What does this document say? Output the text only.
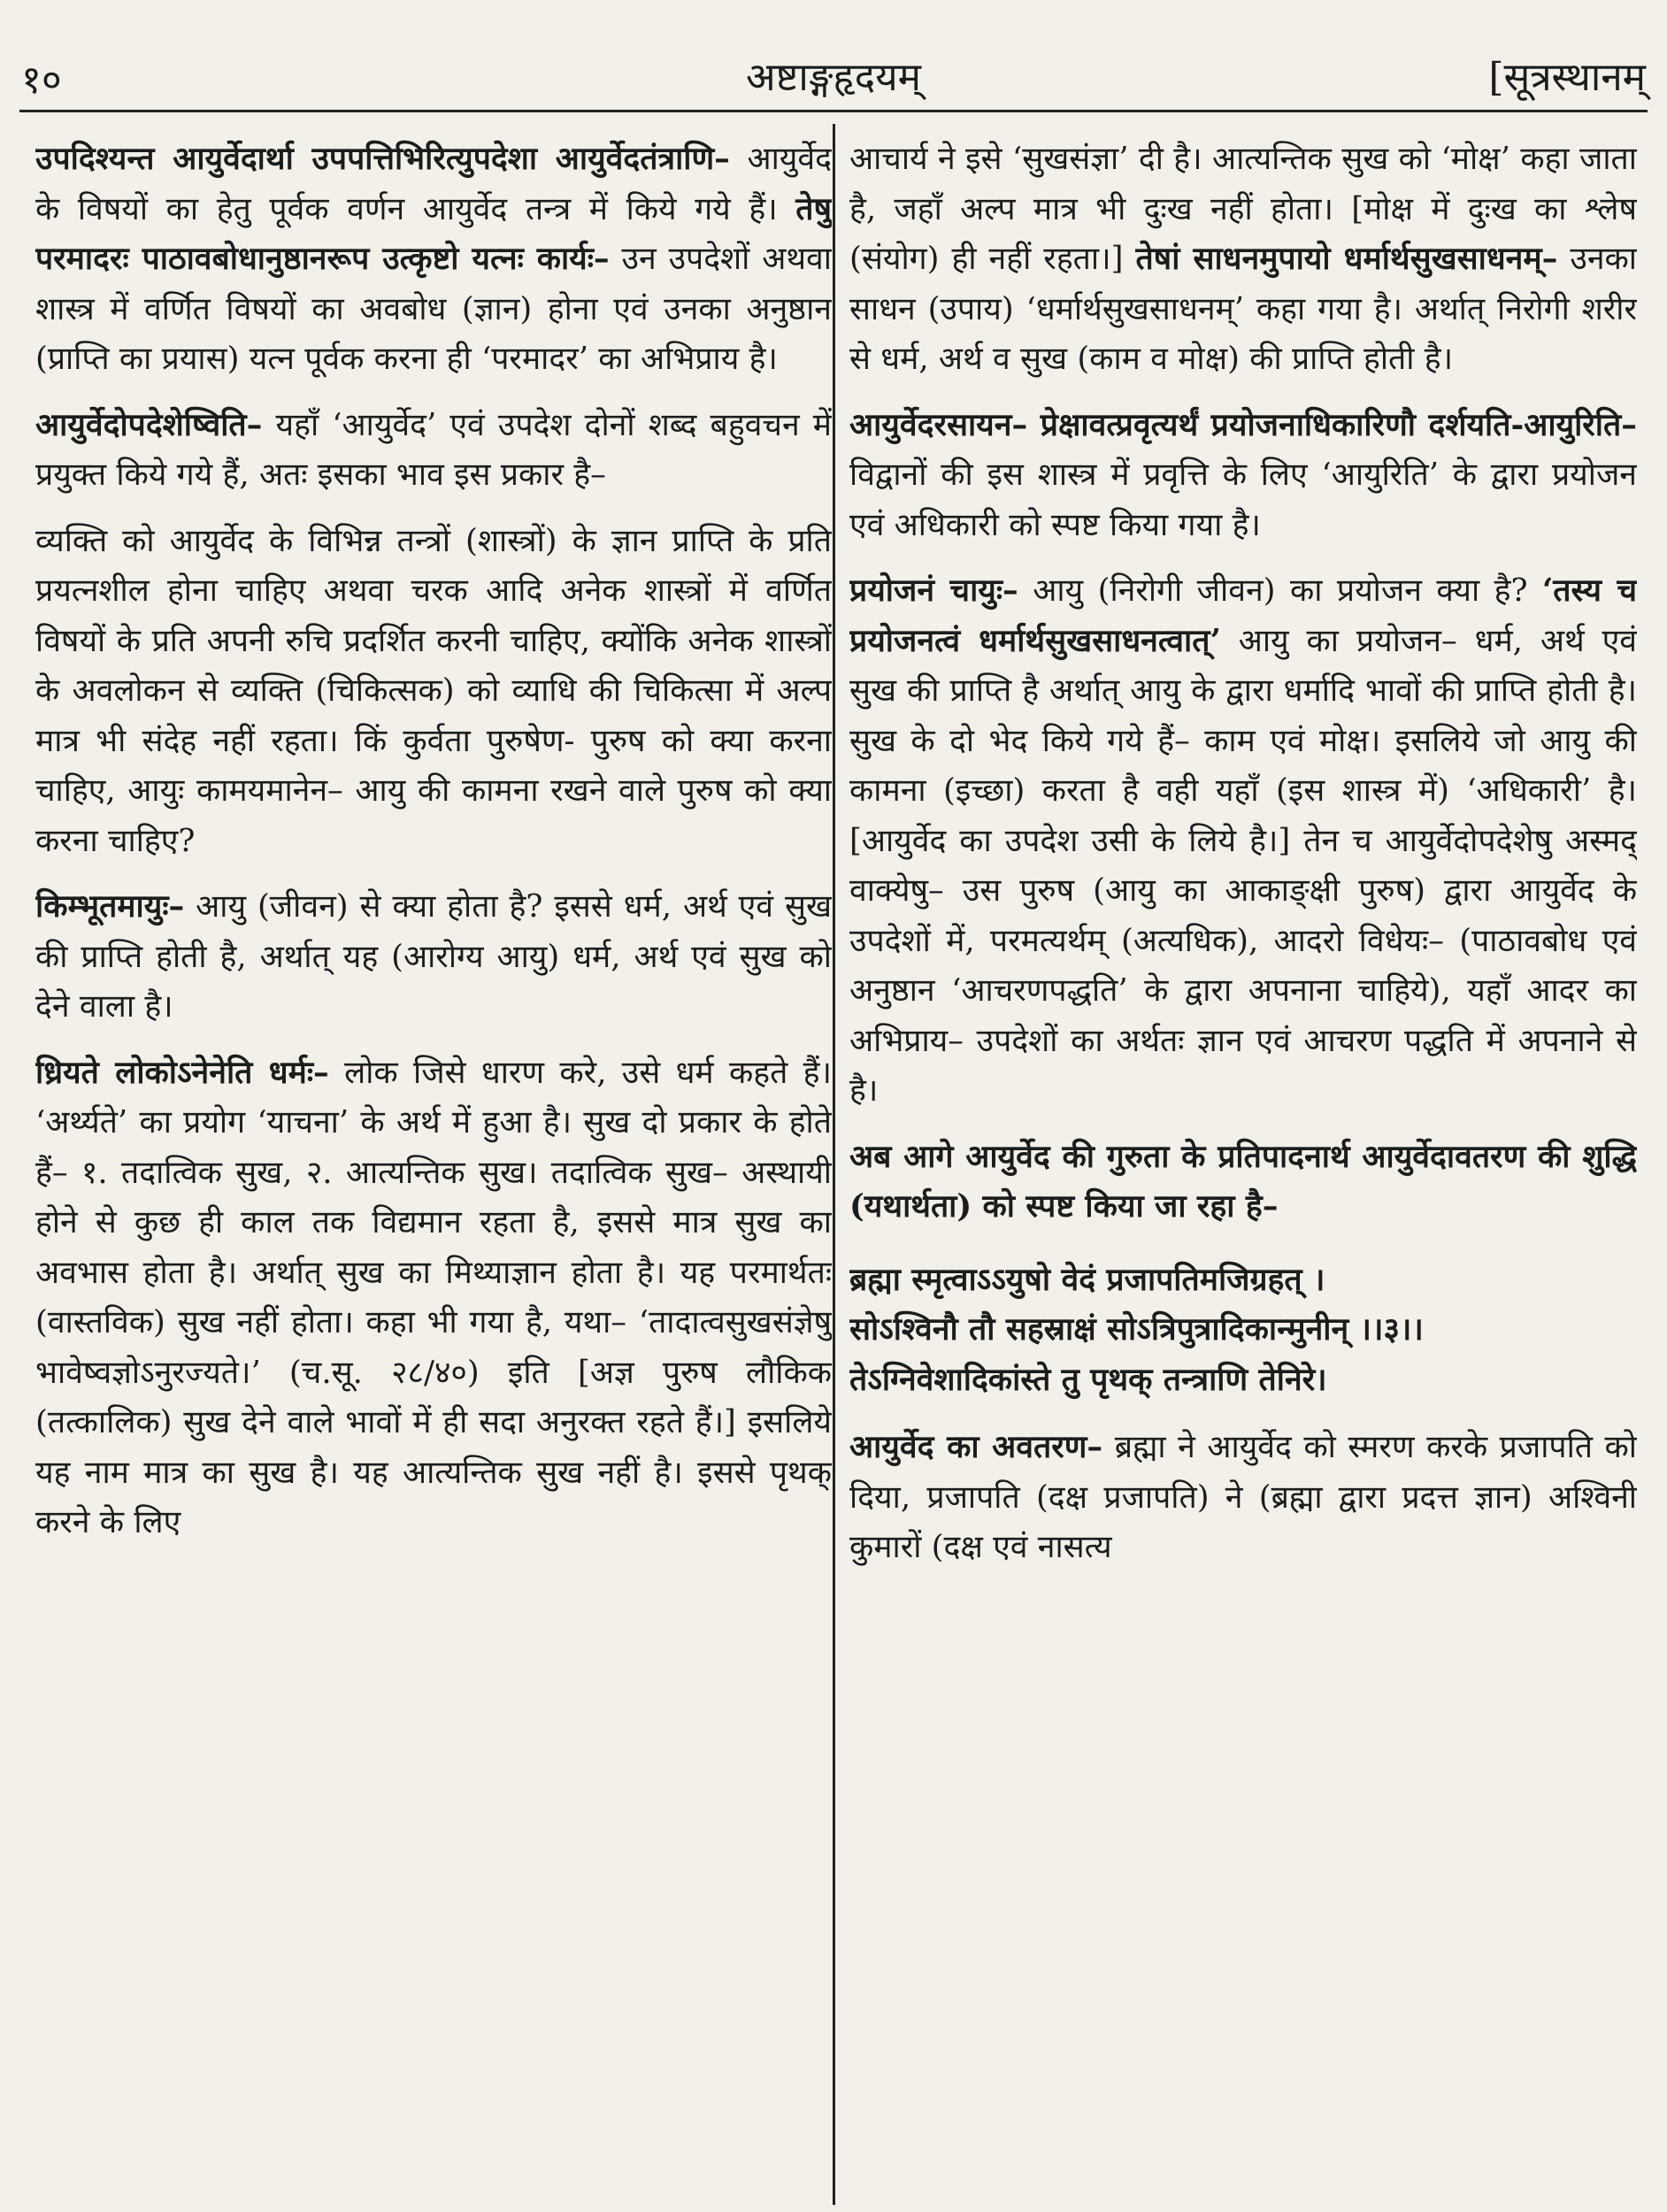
१०	अष्टाङ्गहृदयम्	[सूत्रस्थानम्

उपदिश्यन्त आयुर्वेदार्था उपपत्तिभिरित्युपदेशा आयुर्वेदतंत्राणि– आयुर्वेद के विषयों का हेतु पूर्वक वर्णन आयुर्वेद तन्त्र में किये गये हैं। तेषु परमादरः पाठावबोधानुष्ठानरूप उत्कृष्टो यत्नः कार्यः– उन उपदेशों अथवा शास्त्र में वर्णित विषयों का अवबोध (ज्ञान) होना एवं उनका अनुष्ठान (प्राप्ति का प्रयास) यत्न पूर्वक करना ही ‘परमादर’ का अभिप्राय है।

आयुर्वेदोपदेशेष्विति– यहाँ ‘आयुर्वेद’ एवं उपदेश दोनों शब्द बहुवचन में प्रयुक्त किये गये हैं, अतः इसका भाव इस प्रकार है–

व्यक्ति को आयुर्वेद के विभिन्न तन्त्रों (शास्त्रों) के ज्ञान प्राप्ति के प्रति प्रयत्नशील होना चाहिए अथवा चरक आदि अनेक शास्त्रों में वर्णित विषयों के प्रति अपनी रुचि प्रदर्शित करनी चाहिए, क्योंकि अनेक शास्त्रों के अवलोकन से व्यक्ति (चिकित्सक) को व्याधि की चिकित्सा में अल्प मात्र भी संदेह नहीं रहता। किं कुर्वता पुरुषेण- पुरुष को क्या करना चाहिए, आयुः कामयमानेन– आयु की कामना रखने वाले पुरुष को क्या करना चाहिए?

किम्भूतमायुः– आयु (जीवन) से क्या होता है? इससे धर्म, अर्थ एवं सुख की प्राप्ति होती है, अर्थात् यह (आरोग्य आयु) धर्म, अर्थ एवं सुख को देने वाला है।

ध्रियते लोकोऽनेनेति धर्मः– लोक जिसे धारण करे, उसे धर्म कहते हैं। ‘अर्थ्यते’ का प्रयोग ‘याचना’ के अर्थ में हुआ है। सुख दो प्रकार के होते हैं– १. तदात्विक सुख, २. आत्यन्तिक सुख। तदात्विक सुख– अस्थायी होने से कुछ ही काल तक विद्यमान रहता है, इससे मात्र सुख का अवभास होता है। अर्थात् सुख का मिथ्याज्ञान होता है। यह परमार्थतः (वास्तविक) सुख नहीं होता। कहा भी गया है, यथा– ‘तादात्वसुखसंज्ञेषु भावेष्वज्ञोऽनुरज्यते।’ (च.सू. २८/४०) इति [अज्ञ पुरुष लौकिक (तत्कालिक) सुख देने वाले भावों में ही सदा अनुरक्त रहते हैं।] इसलिये यह नाम मात्र का सुख है। यह आत्यन्तिक सुख नहीं है। इससे पृथक् करने के लिए

आचार्य ने इसे ‘सुखसंज्ञा’ दी है। आत्यन्तिक सुख को ‘मोक्ष’ कहा जाता है, जहाँ अल्प मात्र भी दुःख नहीं होता। [मोक्ष में दुःख का श्लेष (संयोग) ही नहीं रहता।] तेषां साधनमुपायो धर्मार्थसुखसाधनम्– उनका साधन (उपाय) ‘धर्मार्थसुखसाधनम्’ कहा गया है। अर्थात् निरोगी शरीर से धर्म, अर्थ व सुख (काम व मोक्ष) की प्राप्ति होती है।

आयुर्वेदरसायन– प्रेक्षावत्प्रवृत्यर्थं प्रयोजनाधिकारिणौ दर्शयति-आयुरिति– विद्वानों की इस शास्त्र में प्रवृत्ति के लिए ‘आयुरिति’ के द्वारा प्रयोजन एवं अधिकारी को स्पष्ट किया गया है।

प्रयोजनं चायुः– आयु (निरोगी जीवन) का प्रयोजन क्या है? ‘तस्य च प्रयोजनत्वं धर्मार्थसुखसाधनत्वात्’ आयु का प्रयोजन– धर्म, अर्थ एवं सुख की प्राप्ति है अर्थात् आयु के द्वारा धर्मादि भावों की प्राप्ति होती है। सुख के दो भेद किये गये हैं– काम एवं मोक्ष। इसलिये जो आयु की कामना (इच्छा) करता है वही यहाँ (इस शास्त्र में) ‘अधिकारी’ है। [आयुर्वेद का उपदेश उसी के लिये है।] तेन च आयुर्वेदोपदेशेषु अस्मद् वाक्येषु– उस पुरुष (आयु का आकाङ्क्षी पुरुष) द्वारा आयुर्वेद के उपदेशों में, परमत्यर्थम् (अत्यधिक), आदरो विधेयः– (पाठावबोध एवं अनुष्ठान ‘आचरणपद्धति’ के द्वारा अपनाना चाहिये), यहाँ आदर का अभिप्राय– उपदेशों का अर्थतः ज्ञान एवं आचरण पद्धति में अपनाने से है।

अब आगे आयुर्वेद की गुरुता के प्रतिपादनार्थ आयुर्वेदावतरण की शुद्धि (यथार्थता) को स्पष्ट किया जा रहा है–

ब्रह्मा स्मृत्वाऽऽयुषो वेदं प्रजापतिमजिग्रहत् ।

सोऽश्विनौ तौ सहस्राक्षं सोऽत्रिपुत्रादिकान्मुनीन् ।।३।।

तेऽग्निवेशादिकांस्ते तु पृथक् तन्त्राणि तेनिरे।

आयुर्वेद का अवतरण– ब्रह्मा ने आयुर्वेद को स्मरण करके प्रजापति को दिया, प्रजापति (दक्ष प्रजापति) ने (ब्रह्मा द्वारा प्रदत्त ज्ञान) अश्विनी कुमारों (दक्ष एवं नासत्य
